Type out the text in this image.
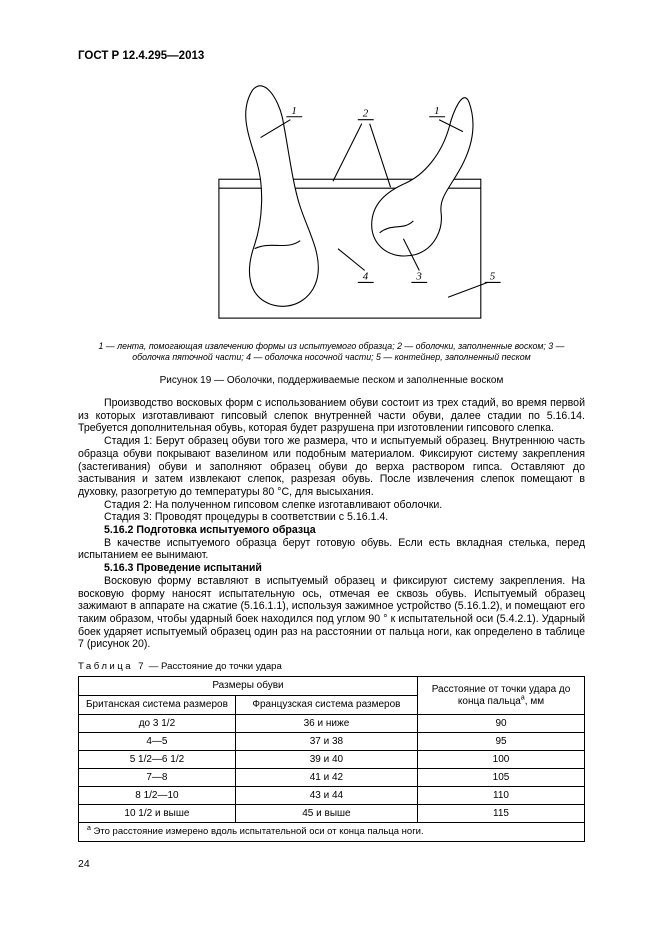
ГОСТ Р 12.4.295—2013
1	2	1
4	3	5
1 — лента, помогающая извлечению формы из испытуемого образца; 2 — оболочки, заполненные воском; 3 — оболочка пяточной части; 4 — оболочка носочной части; 5 — контейнер, заполненный песком
Рисунок 19 — Оболочки, поддерживаемые песком и заполненные воском

Производство восковых форм с использованием обуви состоит из трех стадий, во время первой из которых изготавливают гипсовый слепок внутренней части обуви, далее стадии по 5.16.14. Требуется дополнительная обувь, которая будет разрушена при изготовлении гипсового слепка.

Стадия 1: Берут образец обуви того же размера, что и испытуемый образец. Внутреннюю часть образца обуви покрывают вазелином или подобным материалом. Фиксируют систему закрепления (застегивания) обуви и заполняют образец обуви до верха раствором гипса. Оставляют до застывания и затем извлекают слепок, разрезая обувь. После извлечения слепок помещают в духовку, разогретую до температуры 80 °С, для высыхания.

Стадия 2: На полученном гипсовом слепке изготавливают оболочки.

Стадия 3: Проводят процедуры в соответствии с 5.16.1.4.

5.16.2 Подготовка испытуемого образца

В качестве испытуемого образца берут готовую обувь. Если есть вкладная стелька, перед испытанием ее вынимают.

5.16.3 Проведение испытаний

Восковую форму вставляют в испытуемый образец и фиксируют систему закрепления. На восковую форму наносят испытательную ось, отмечая ее сквозь обувь. Испытуемый образец зажимают в аппарате на сжатие (5.16.1.1), используя зажимное устройство (5.16.1.2), и помещают его таким образом, чтобы ударный боек находился под углом 90 ° к испытательной оси (5.4.2.1). Ударный боек ударяет испытуемый образец один раз на расстоянии от пальца ноги, как определено в таблице 7 (рисунок 20).

Таблица 7 — Расстояние до точки удара
Размеры обуви		Расстояние от точки удара до конца пальца$^а$, мм
Британская система размеров	Французская система размеров	
до 3 1/2	36 и ниже	90
4—5	37 и 38	95
5 1/2—6 1/2	39 и 40	100
7—8	41 и 42	105
8 1/2—10	43 и 44	110
10 1/2 и выше	45 и выше	115
$^а$ Это расстояние измерено вдоль испытательной оси от конца пальца ноги.		
24
